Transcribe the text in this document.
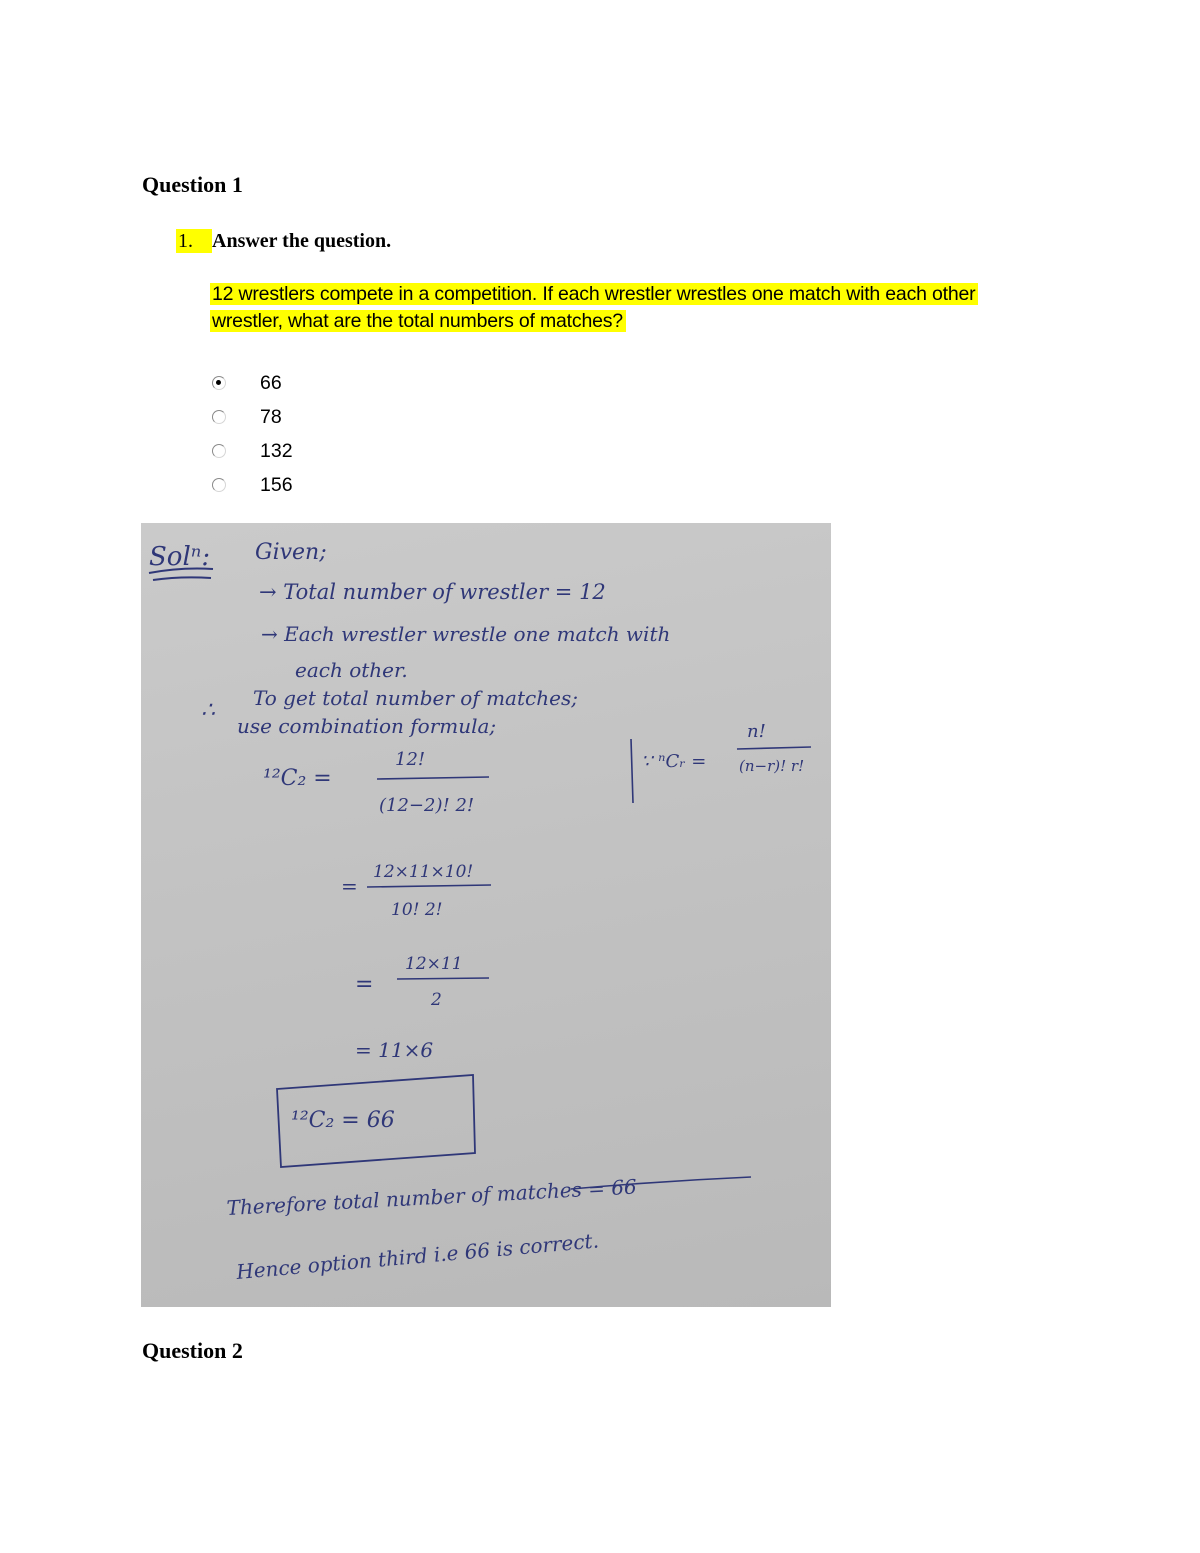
Question 1
1. Answer the question.
12 wrestlers compete in a competition. If each wrestler wrestles one match with each other wrestler, what are the total numbers of matches?
66
78
132
156
Solⁿ: Given;
→ Total number of wrestler = 12
→ Each wrestler wrestle one match with
each other.
∴ To get total number of matches;
use combination formula;
¹²C₂ =
12!
(12−2)! 2!
∵ ⁿCᵣ =
n!
(n−r)! r!
=
12×11×10!
10! 2!
=
12×11
2
= 11×6
¹²C₂ = 66
Therefore total number of matches = 66
Hence option third i.e 66 is correct.
Question 2
